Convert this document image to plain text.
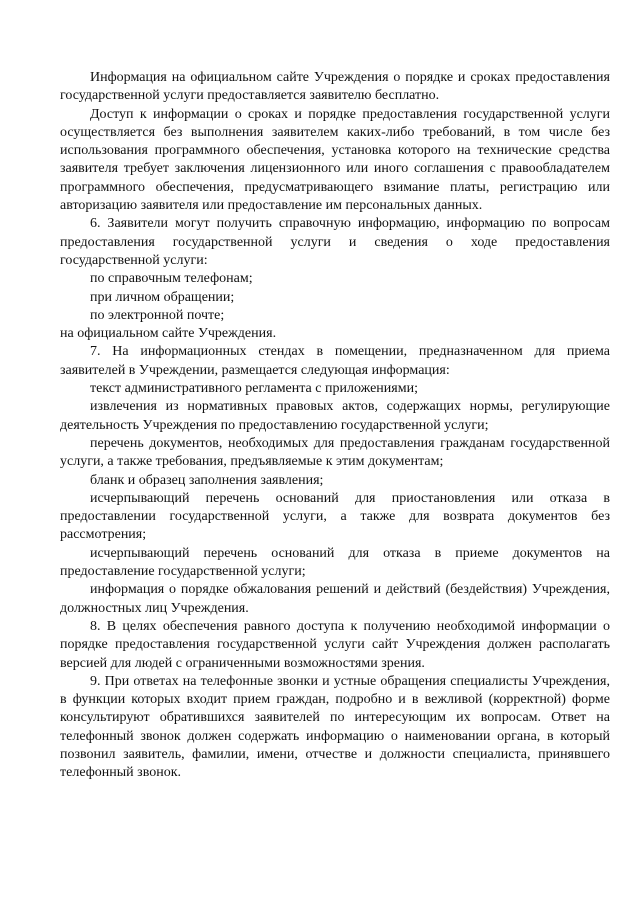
Информация на официальном сайте Учреждения о порядке и сроках предоставления государственной услуги предоставляется заявителю бесплатно.

Доступ к информации о сроках и порядке предоставления государственной услуги осуществляется без выполнения заявителем каких-либо требований, в том числе без использования программного обеспечения, установка которого на технические средства заявителя требует заключения лицензионного или иного соглашения с правообладателем программного обеспечения, предусматривающего взимание платы, регистрацию или авторизацию заявителя или предоставление им персональных данных.

6. Заявители могут получить справочную информацию, информацию по вопросам предоставления государственной услуги и сведения о ходе предоставления государственной услуги:

по справочным телефонам;

при личном обращении;

по электронной почте;

на официальном сайте Учреждения.

7. На информационных стендах в помещении, предназначенном для приема заявителей в Учреждении, размещается следующая информация:

текст административного регламента с приложениями;

извлечения из нормативных правовых актов, содержащих нормы, регулирующие деятельность Учреждения по предоставлению государственной услуги;

перечень документов, необходимых для предоставления гражданам государственной услуги, а также требования, предъявляемые к этим документам;

бланк и образец заполнения заявления;

исчерпывающий перечень оснований для приостановления или отказа в предоставлении государственной услуги, а также для возврата документов без рассмотрения;

исчерпывающий перечень оснований для отказа в приеме документов на предоставление государственной услуги;

информация о порядке обжалования решений и действий (бездействия) Учреждения, должностных лиц Учреждения.

8. В целях обеспечения равного доступа к получению необходимой информации о порядке предоставления государственной услуги сайт Учреждения должен располагать версией для людей с ограниченными возможностями зрения.

9. При ответах на телефонные звонки и устные обращения специалисты Учреждения, в функции которых входит прием граждан, подробно и в вежливой (корректной) форме консультируют обратившихся заявителей по интересующим их вопросам. Ответ на телефонный звонок должен содержать информацию о наименовании органа, в который позвонил заявитель, фамилии, имени, отчестве и должности специалиста, принявшего телефонный звонок.
